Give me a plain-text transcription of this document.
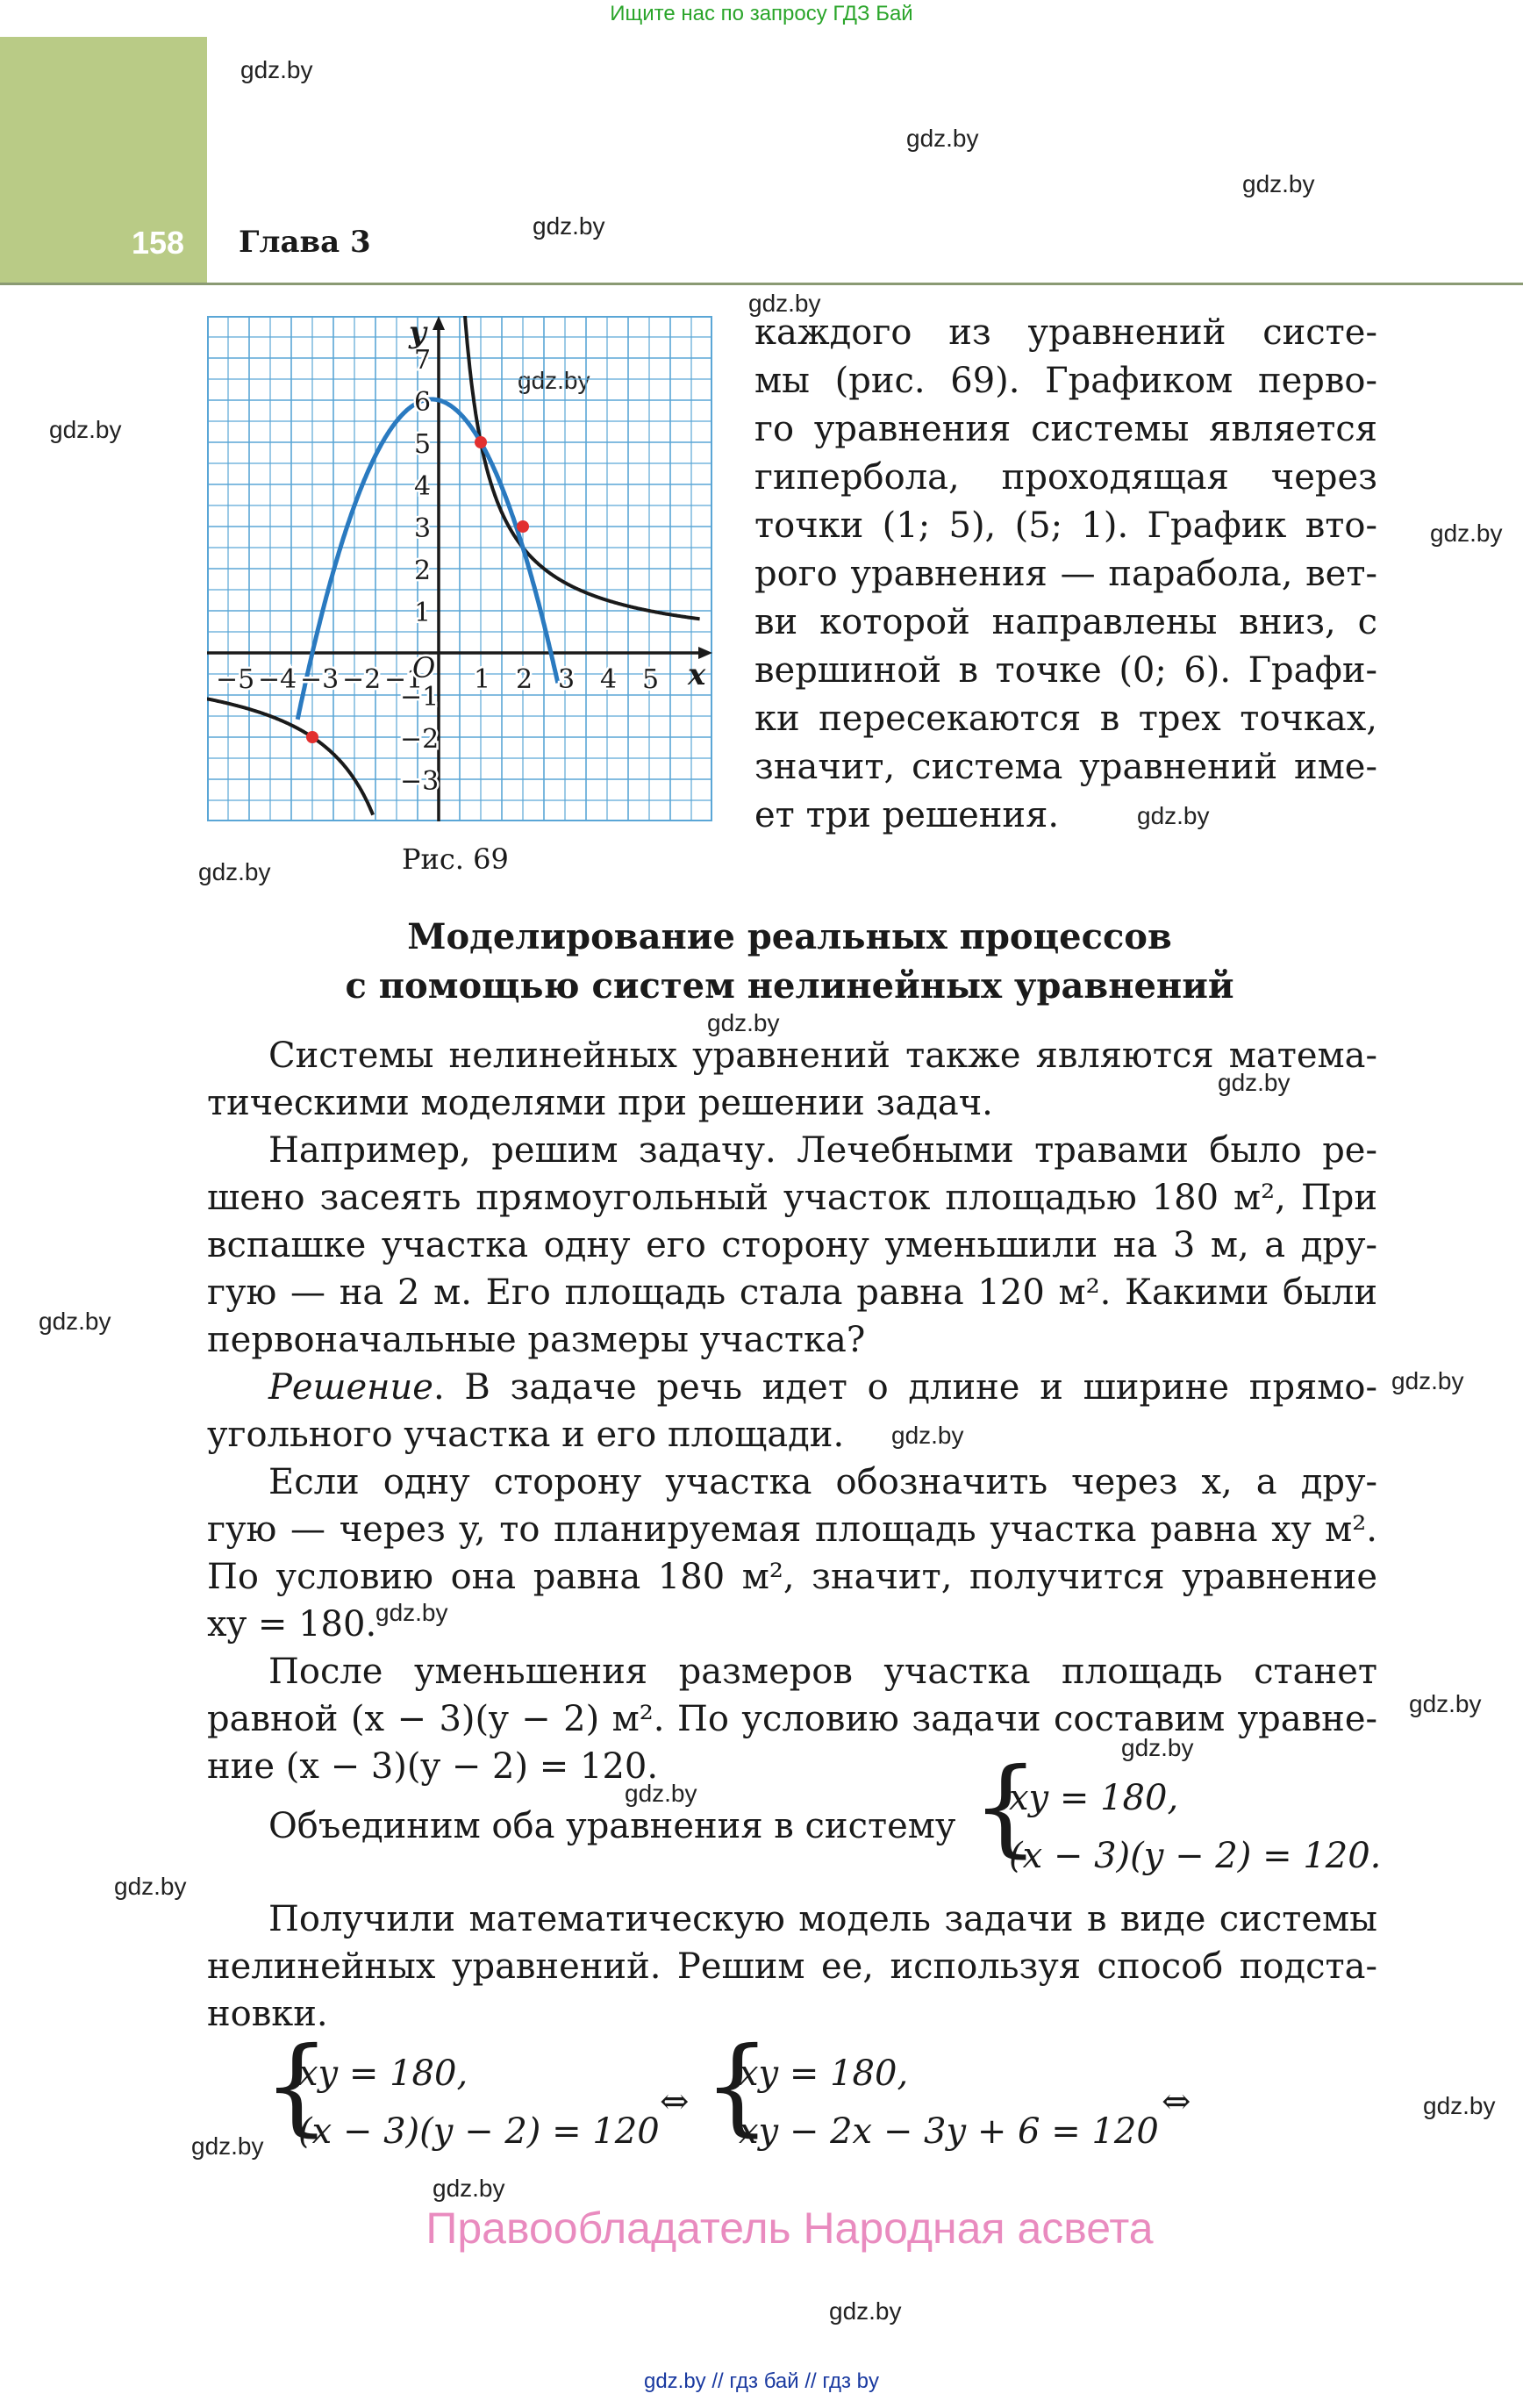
Ищите нас по запросу ГДЗ Бай
158 Глава 3
gdz.by
gdz.by
gdz.by
gdz.by
gdz.by
gdz.by
gdz.by
gdz.by
gdz.by
gdz.by
gdz.by
gdz.by
gdz.by
gdz.by
gdz.by
gdz.by
gdz.by
gdz.by
gdz.by
gdz.by
gdz.by
gdz.by
gdz.by
gdz.by
−5 −4 −3 −2 −1 1 2 3 4 5
7
6
5
4
3
2
1
−1
−2
−3
O	x
y
Рис. 69
каждого из уравнений систе-
мы (рис. 69). Графиком перво-
го уравнения системы является
гипербола, проходящая через
точки (1; 5), (5; 1). График вто-
рого уравнения — парабола, вет-
ви которой направлены вниз, с
вершиной в точке (0; 6). Графи-
ки пересекаются в трех точках,
значит, система уравнений име-
ет три решения.
Моделирование реальных процессов
с помощью систем нелинейных уравнений
Системы нелинейных уравнений также являются матема-
тическими моделями при решении задач.
Например, решим задачу. Лечебными травами было ре-
шено засеять прямоугольный участок площадью 180 м², При
вспашке участка одну его сторону уменьшили на 3 м, а дру-
гую — на 2 м. Его площадь стала равна 120 м². Какими были
первоначальные размеры участка?
Решение. В задаче речь идет о длине и ширине прямо-
угольного участка и его площади.
Если одну сторону участка обозначить через x, а дру-
гую — через y, то планируемая площадь участка равна xy м².
По условию она равна 180 м², значит, получится уравнение
xy = 180.
После уменьшения размеров участка площадь станет
равной (x − 3)(y − 2) м². По условию задачи составим уравне-
ние (x − 3)(y − 2) = 120.
Объединим оба уравнения в систему
Получили математическую модель задачи в виде системы
нелинейных уравнений. Решим ее, используя способ подста-
новки.
{
xy = 180,
(x − 3)(y − 2) = 120.
{
xy = 180,
(x − 3)(y − 2) = 120
⇔ {
xy = 180,
xy − 2x − 3y + 6 = 120
⇔
Правообладатель Народная асвета
gdz.by // гдз бай // гдз by
